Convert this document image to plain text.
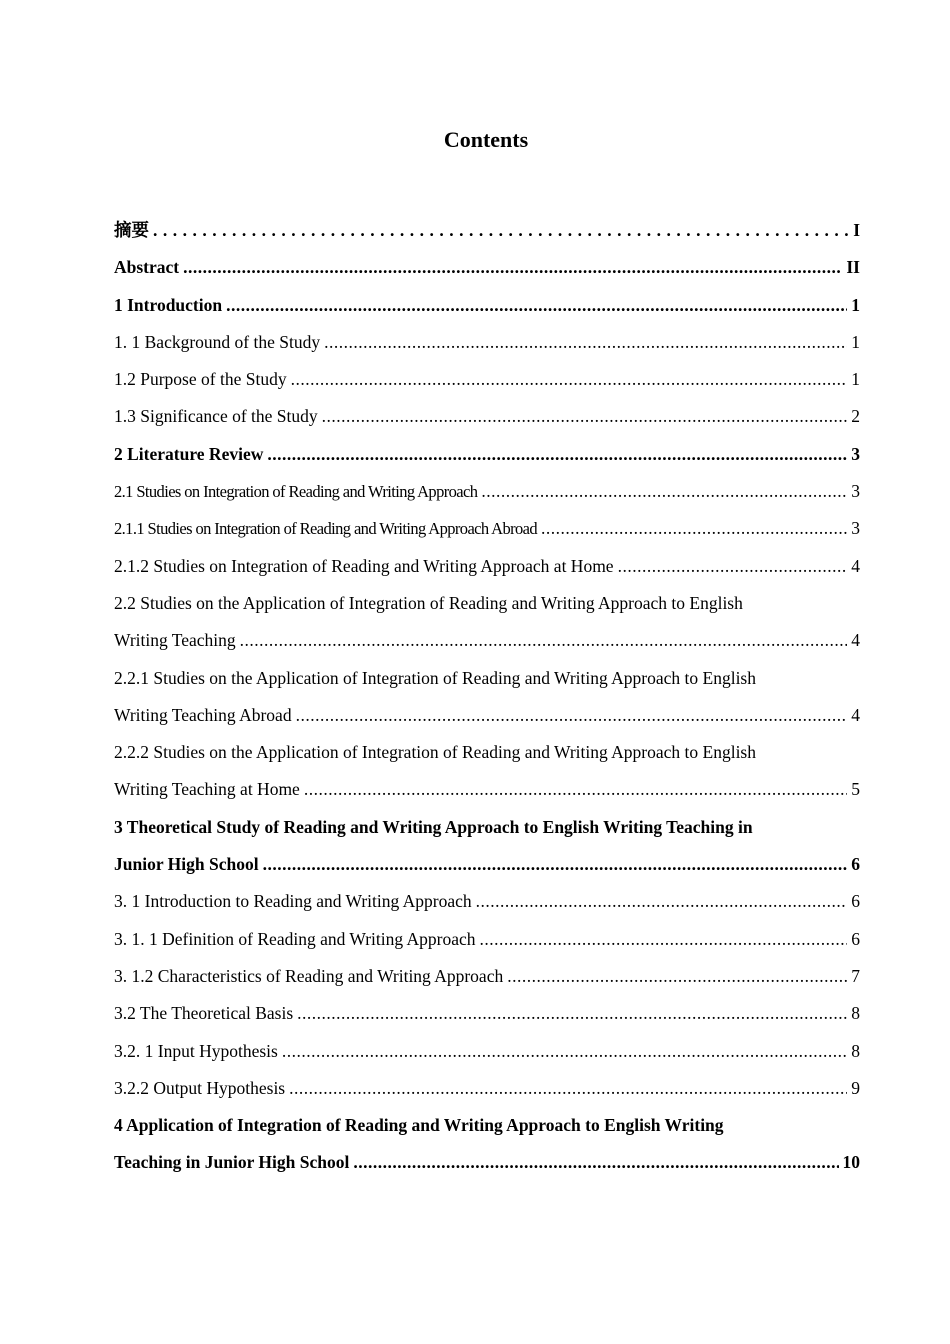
Contents
摘要 .....	I
Abstract .....	II
1 Introduction .....	1
1. 1 Background of the Study .....	1
1.2 Purpose of the Study .....	1
1.3 Significance of the Study .....	2
2 Literature Review .....	3
2.1 Studies on Integration of Reading and Writing Approach .....	3
2.1.1 Studies on Integration of Reading and Writing Approach Abroad .....	3
2.1.2 Studies on Integration of Reading and Writing Approach at Home .....	4
2.2 Studies on the Application of Integration of Reading and Writing Approach to English
Writing Teaching .....	4
2.2.1 Studies on the Application of Integration of Reading and Writing Approach to English
Writing Teaching Abroad .....	4
2.2.2 Studies on the Application of Integration of Reading and Writing Approach to English
Writing Teaching at Home .....	5
3 Theoretical Study of Reading and Writing Approach to English Writing Teaching in
Junior High School .....	6
3. 1 Introduction to Reading and Writing Approach .....	6
3. 1. 1 Definition of Reading and Writing Approach .....	6
3. 1.2 Characteristics of Reading and Writing Approach .....	7
3.2 The Theoretical Basis .....	8
3.2. 1 Input Hypothesis .....	8
3.2.2 Output Hypothesis .....	9
4 Application of Integration of Reading and Writing Approach to English Writing
Teaching in Junior High School .....	10
